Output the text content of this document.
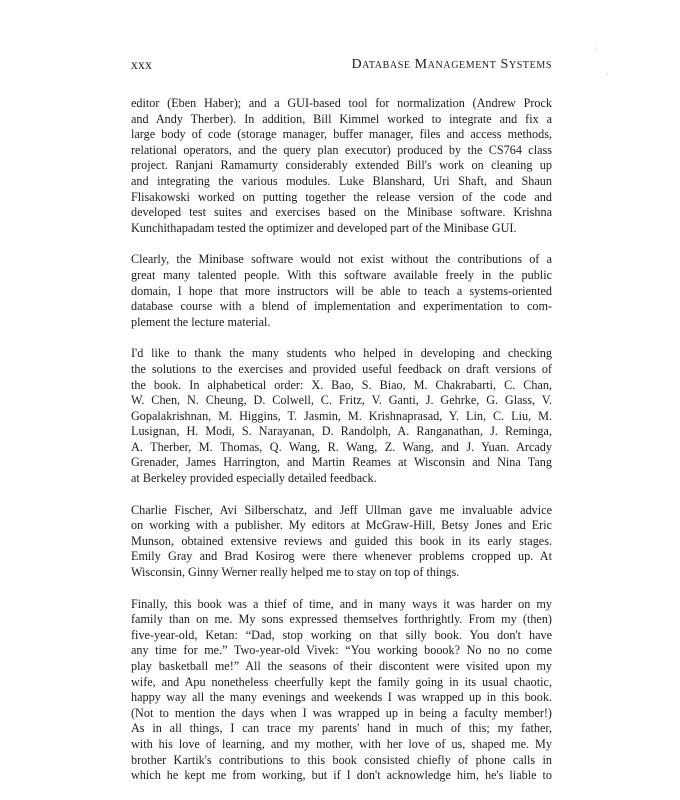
xxx	Database Management Systems

editor (Eben Haber); and a GUI-based tool for normalization (Andrew Prock
and Andy Therber). In addition, Bill Kimmel worked to integrate and fix a
large body of code (storage manager, buffer manager, files and access methods,
relational operators, and the query plan executor) produced by the CS764 class
project. Ranjani Ramamurty considerably extended Bill's work on cleaning up
and integrating the various modules. Luke Blanshard, Uri Shaft, and Shaun
Flisakowski worked on putting together the release version of the code and
developed test suites and exercises based on the Minibase software. Krishna
Kunchithapadam tested the optimizer and developed part of the Minibase GUI.

Clearly, the Minibase software would not exist without the contributions of a
great many talented people. With this software available freely in the public
domain, I hope that more instructors will be able to teach a systems-oriented
database course with a blend of implementation and experimentation to com-
plement the lecture material.

I'd like to thank the many students who helped in developing and checking
the solutions to the exercises and provided useful feedback on draft versions of
the book. In alphabetical order: X. Bao, S. Biao, M. Chakrabarti, C. Chan,
W. Chen, N. Cheung, D. Colwell, C. Fritz, V. Ganti, J. Gehrke, G. Glass, V.
Gopalakrishnan, M. Higgins, T. Jasmin, M. Krishnaprasad, Y. Lin, C. Liu, M.
Lusignan, H. Modi, S. Narayanan, D. Randolph, A. Ranganathan, J. Reminga,
A. Therber, M. Thomas, Q. Wang, R. Wang, Z. Wang, and J. Yuan. Arcady
Grenader, James Harrington, and Martin Reames at Wisconsin and Nina Tang
at Berkeley provided especially detailed feedback.

Charlie Fischer, Avi Silberschatz, and Jeff Ullman gave me invaluable advice
on working with a publisher. My editors at McGraw-Hill, Betsy Jones and Eric
Munson, obtained extensive reviews and guided this book in its early stages.
Emily Gray and Brad Kosirog were there whenever problems cropped up. At
Wisconsin, Ginny Werner really helped me to stay on top of things.

Finally, this book was a thief of time, and in many ways it was harder on my
family than on me. My sons expressed themselves forthrightly. From my (then)
five-year-old, Ketan: “Dad, stop working on that silly book. You don't have
any time for me.” Two-year-old Vivek: “You working boook? No no no come
play basketball me!” All the seasons of their discontent were visited upon my
wife, and Apu nonetheless cheerfully kept the family going in its usual chaotic,
happy way all the many evenings and weekends I was wrapped up in this book.
(Not to mention the days when I was wrapped up in being a faculty member!)
As in all things, I can trace my parents' hand in much of this; my father,
with his love of learning, and my mother, with her love of us, shaped me. My
brother Kartik's contributions to this book consisted chiefly of phone calls in
which he kept me from working, but if I don't acknowledge him, he's liable to

·
·
